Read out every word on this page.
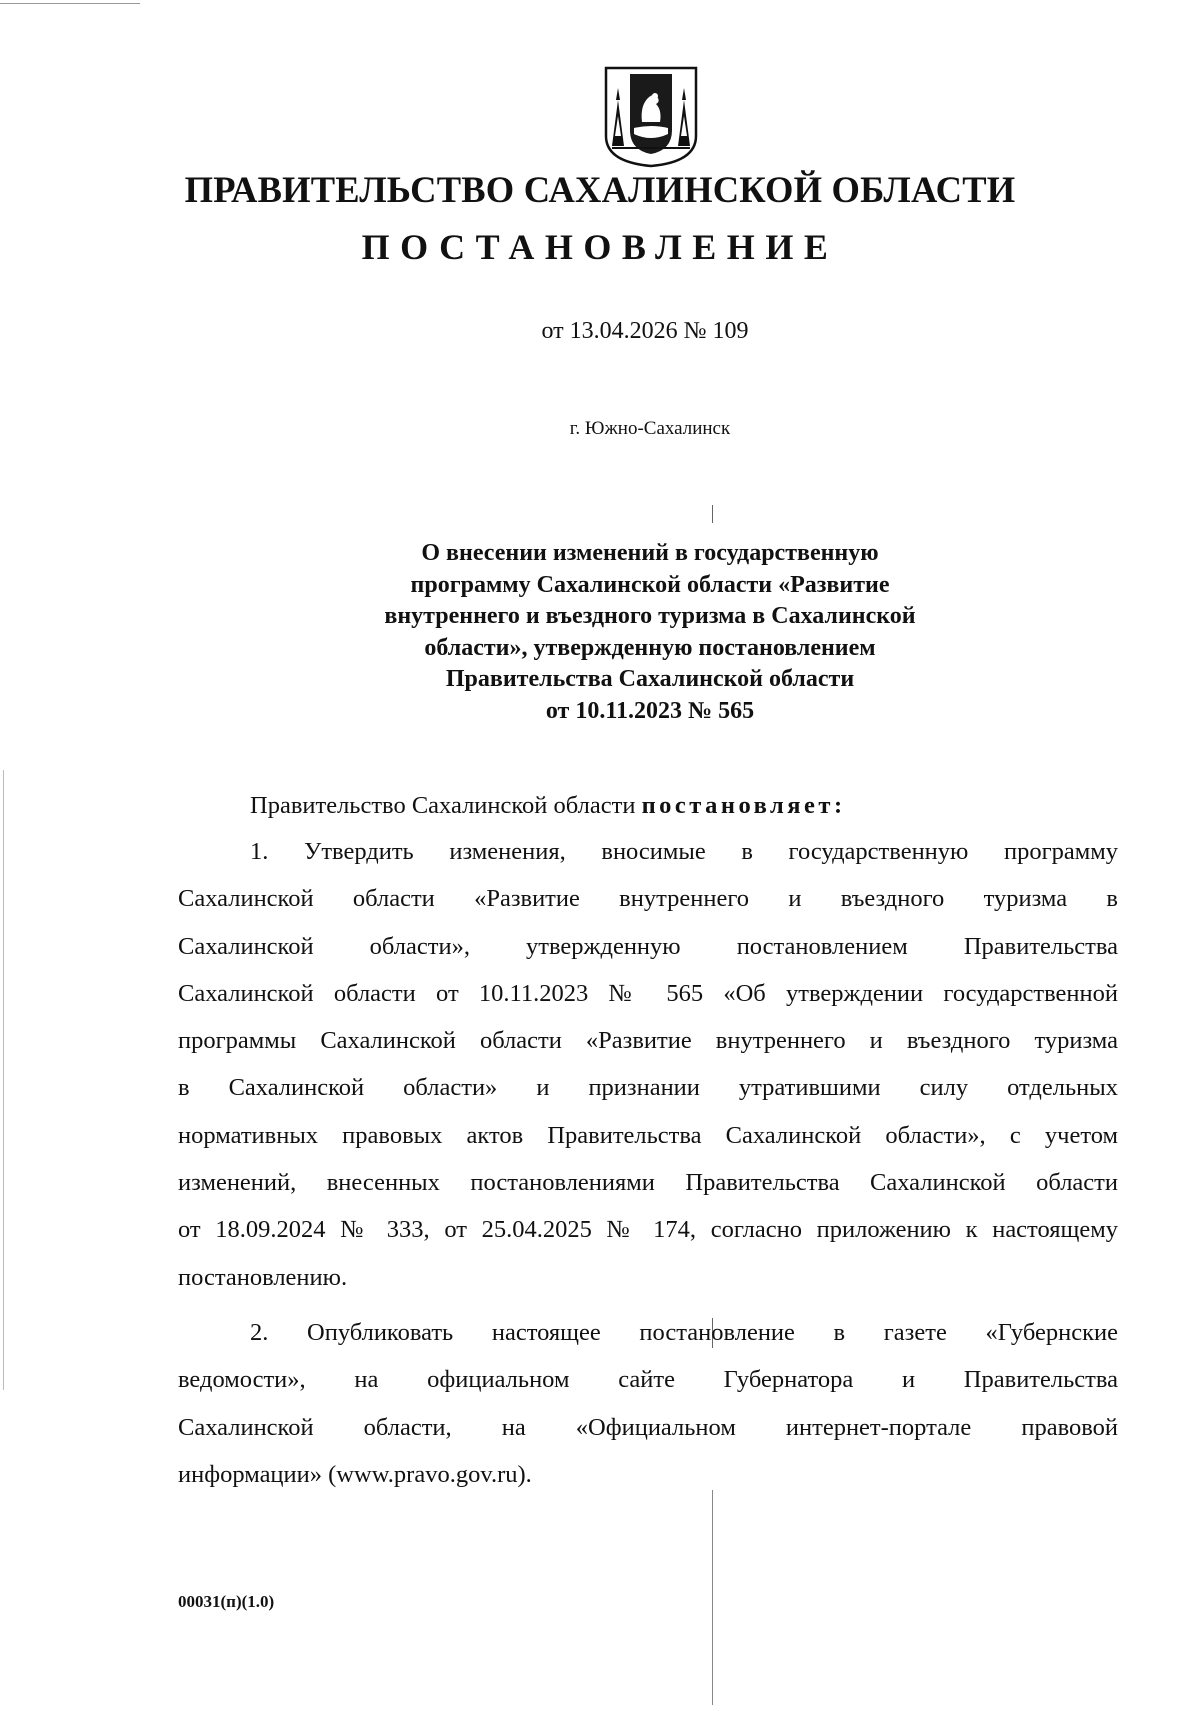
ПРАВИТЕЛЬСТВО САХАЛИНСКОЙ ОБЛАСТИ
ПОСТАНОВЛЕНИЕ
от 13.04.2026 № 109
г. Южно-Сахалинск
О внесении изменений в государственную
программу Сахалинской области «Развитие
внутреннего и въездного туризма в Сахалинской
области», утвержденную постановлением
Правительства Сахалинской области
от 10.11.2023 № 565

Правительство Сахалинской области постановляет:

1. Утвердить изменения, вносимые в государственную программу
Сахалинской области «Развитие внутреннего и въездного туризма в
Сахалинской области», утвержденную постановлением Правительства
Сахалинской области от 10.11.2023 № 565 «Об утверждении государственной
программы Сахалинской области «Развитие внутреннего и въездного туризма
в Сахалинской области» и признании утратившими силу отдельных
нормативных правовых актов Правительства Сахалинской области», с учетом
изменений, внесенных постановлениями Правительства Сахалинской области
от 18.09.2024 № 333, от 25.04.2025 № 174, согласно приложению к настоящему
постановлению.
2. Опубликовать настоящее постановление в газете «Губернские
ведомости», на официальном сайте Губернатора и Правительства
Сахалинской области, на «Официальном интернет-портале правовой
информации» (www.pravo.gov.ru).
00031(п)(1.0)
